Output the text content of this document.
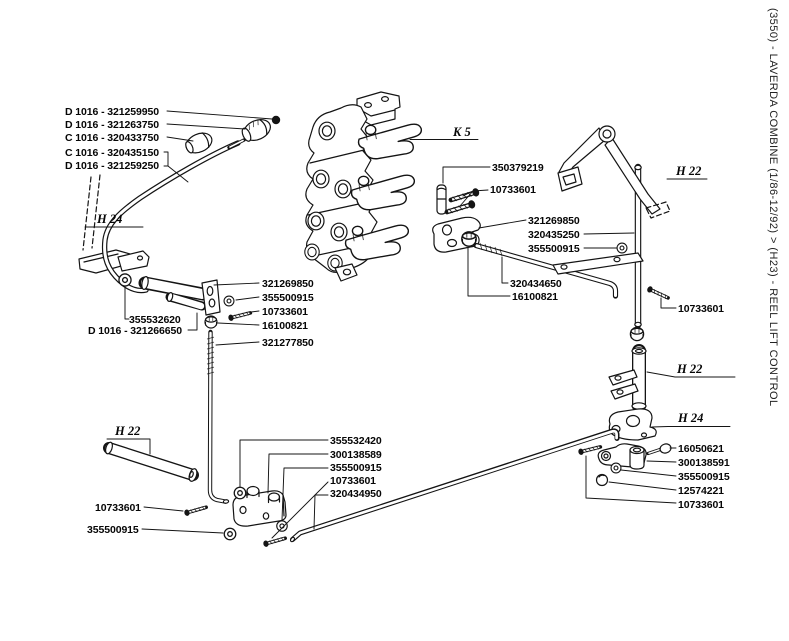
D 1016 - 321259950
D 1016 - 321263750
C 1016 - 320433750
C 1016 - 320435150
D 1016 - 321259250	350379219
10733601
321269850
320435250
355500915
320434650
16100821
10733601
321269850
355500915
10733601
16100821
355532620
D 1016 - 321266650
321277850
355532420
300138589
355500915
10733601
320434950
10733601
355500915
16050621
300138591
355500915
12574221
10733601
K 5
H 24
H 22
H 22
H 24
H 22
(3550) - LAVERDA COMBINE (1/86-12/92) > (H23) - REEL LIFT CONTROL
